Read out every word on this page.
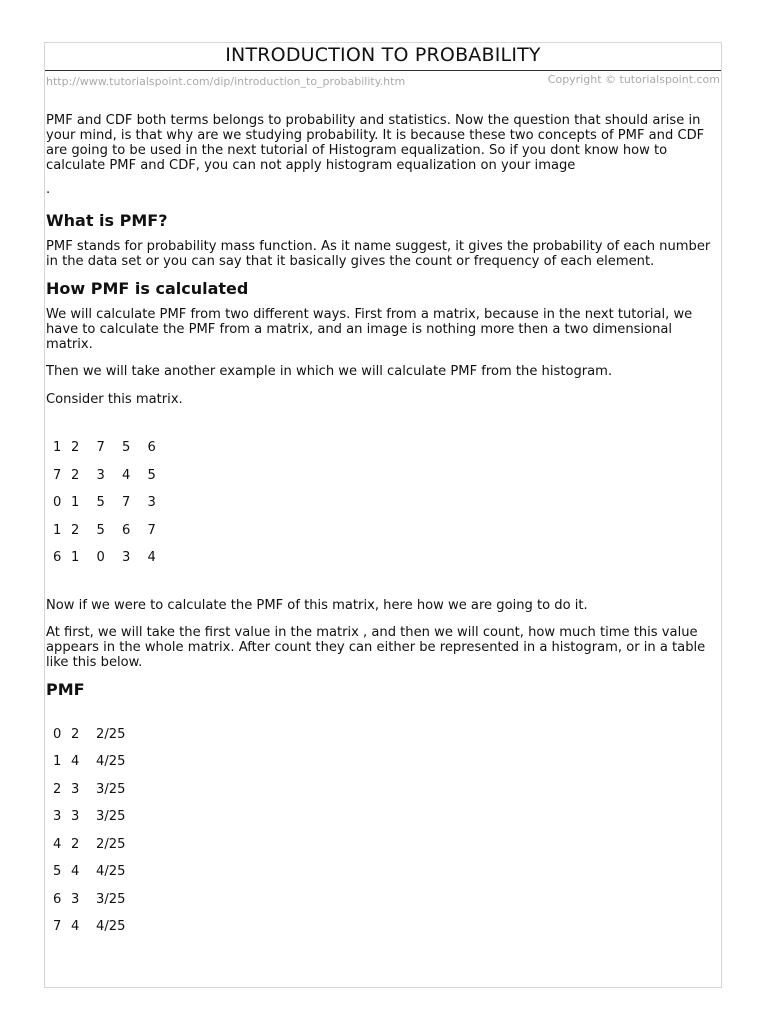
INTRODUCTION TO PROBABILITY
http://www.tutorialspoint.com/dip/introduction_to_probability.htm	Copyright © tutorialspoint.com

PMF and CDF both terms belongs to probability and statistics. Now the question that should arise in your mind, is that why are we studying probability. It is because these two concepts of PMF and CDF are going to be used in the next tutorial of Histogram equalization. So if you dont know how to calculate PMF and CDF, you can not apply histogram equalization on your image

.

What is PMF?

PMF stands for probability mass function. As it name suggest, it gives the probability of each number in the data set or you can say that it basically gives the count or frequency of each element.

How PMF is calculated

We will calculate PMF from two different ways. First from a matrix, because in the next tutorial, we have to calculate the PMF from a matrix, and an image is nothing more then a two dimensional matrix.

Then we will take another example in which we will calculate PMF from the histogram.

Consider this matrix.

1	2	7	5	6
7	2	3	4	5
0	1	5	7	3
1	2	5	6	7
6	1	0	3	4

Now if we were to calculate the PMF of this matrix, here how we are going to do it.

At first, we will take the first value in the matrix , and then we will count, how much time this value appears in the whole matrix. After count they can either be represented in a histogram, or in a table like this below.

PMF
0	2	2/25
1	4	4/25
2	3	3/25
3	3	3/25
4	2	2/25
5	4	4/25
6	3	3/25
7	4	4/25
